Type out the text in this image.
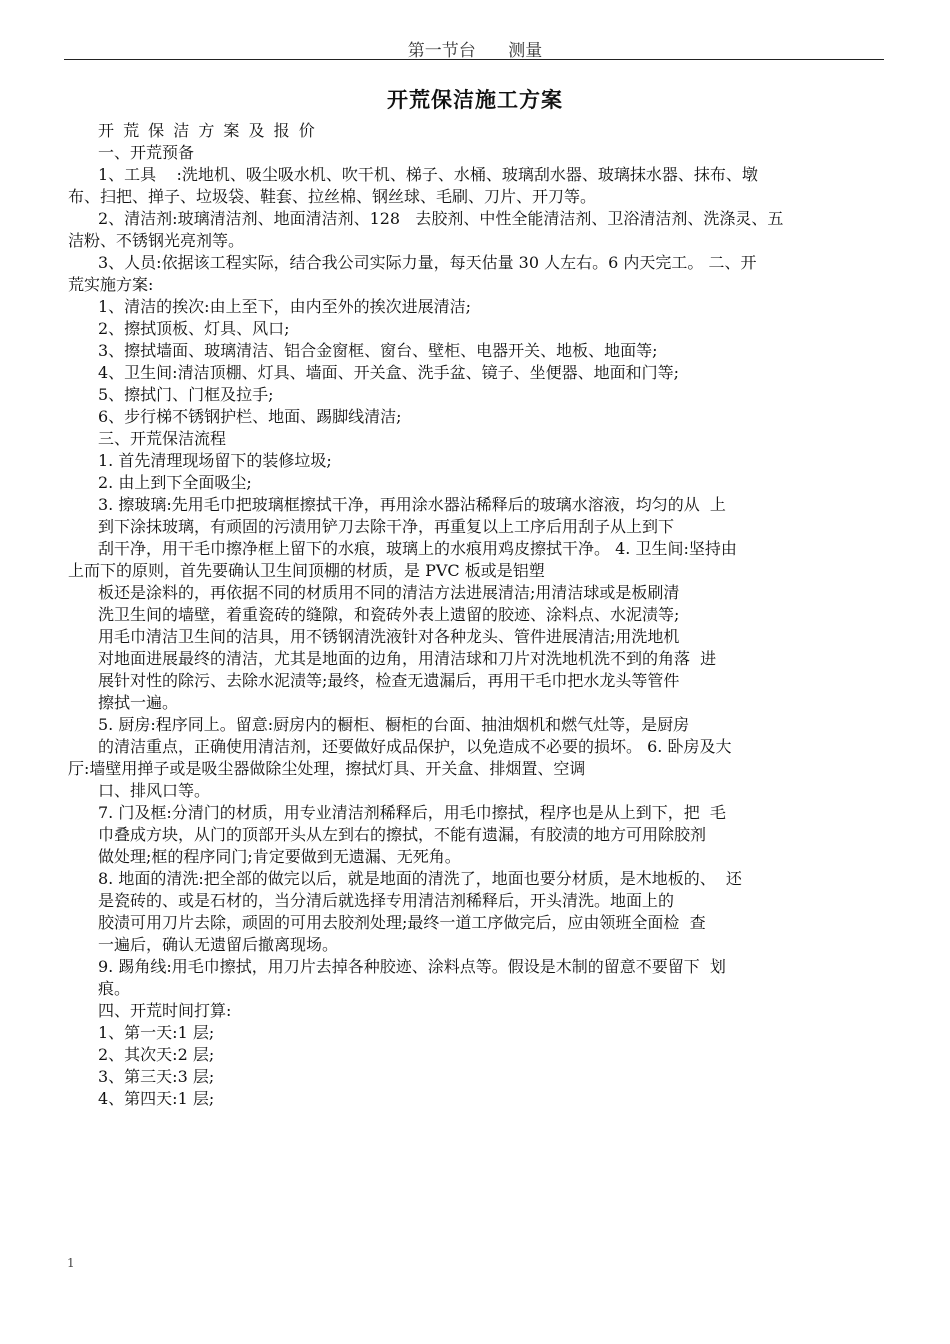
第一节台      测量
开荒保洁施工方案
开 荒 保 洁 方 案 及 报 价
一、开荒预备
1、工具    :洗地机、吸尘吸水机、吹干机、梯子、水桶、玻璃刮水器、玻璃抹水器、抹布、墩
布、扫把、掸子、垃圾袋、鞋套、拉丝棉、钢丝球、毛刷、刀片、开刀等。
2、清洁剂:玻璃清洁剂、地面清洁剂、128   去胶剂、中性全能清洁剂、卫浴清洁剂、洗涤灵、五
洁粉、不锈钢光亮剂等。
3、人员:依据该工程实际，结合我公司实际力量，每天估量 30 人左右。6 内天完工。 二、开
荒实施方案:
1、清洁的挨次:由上至下，由内至外的挨次进展清洁;
2、擦拭顶板、灯具、风口;
3、擦拭墙面、玻璃清洁、铝合金窗框、窗台、壁柜、电器开关、地板、地面等;
4、卫生间:清洁顶棚、灯具、墙面、开关盒、洗手盆、镜子、坐便器、地面和门等;
5、擦拭门、门框及拉手;
6、步行梯不锈钢护栏、地面、踢脚线清洁;
三、开荒保洁流程
1. 首先清理现场留下的装修垃圾;
2. 由上到下全面吸尘;
3. 擦玻璃:先用毛巾把玻璃框擦拭干净，再用涂水器沾稀释后的玻璃水溶液，均匀的从  上
到下涂抹玻璃，有顽固的污渍用铲刀去除干净，再重复以上工序后用刮子从上到下
刮干净，用干毛巾擦净框上留下的水痕，玻璃上的水痕用鸡皮擦拭干净。 4. 卫生间:坚持由
上而下的原则，首先要确认卫生间顶棚的材质，是 PVC 板或是铝塑
板还是涂料的，再依据不同的材质用不同的清洁方法进展清洁;用清洁球或是板刷清
洗卫生间的墙壁，着重瓷砖的缝隙，和瓷砖外表上遗留的胶迹、涂料点、水泥渍等;
用毛巾清洁卫生间的洁具，用不锈钢清洗液针对各种龙头、管件进展清洁;用洗地机
对地面进展最终的清洁，尤其是地面的边角，用清洁球和刀片对洗地机洗不到的角落  进
展针对性的除污、去除水泥渍等;最终，检查无遗漏后，再用干毛巾把水龙头等管件
擦拭一遍。
5. 厨房:程序同上。留意:厨房内的橱柜、橱柜的台面、抽油烟机和燃气灶等，是厨房
的清洁重点，正确使用清洁剂，还要做好成品保护，以免造成不必要的损坏。 6. 卧房及大
厅:墙壁用掸子或是吸尘器做除尘处理，擦拭灯具、开关盒、排烟置、空调
口、排风口等。
7. 门及框:分清门的材质，用专业清洁剂稀释后，用毛巾擦拭，程序也是从上到下，把  毛
巾叠成方块，从门的顶部开头从左到右的擦拭，不能有遗漏，有胶渍的地方可用除胶剂
做处理;框的程序同门;肯定要做到无遗漏、无死角。
8. 地面的清洗:把全部的做完以后，就是地面的清洗了，地面也要分材质，是木地板的、  还
是瓷砖的、或是石材的，当分清后就选择专用清洁剂稀释后，开头清洗。地面上的
胶渍可用刀片去除，顽固的可用去胶剂处理;最终一道工序做完后，应由领班全面检  查
一遍后，确认无遗留后撤离现场。
9. 踢角线:用毛巾擦拭，用刀片去掉各种胶迹、涂料点等。假设是木制的留意不要留下  划
痕。
四、开荒时间打算:
1、第一天:1 层;
2、其次天:2 层;
3、第三天:3 层;
4、第四天:1 层;
1
